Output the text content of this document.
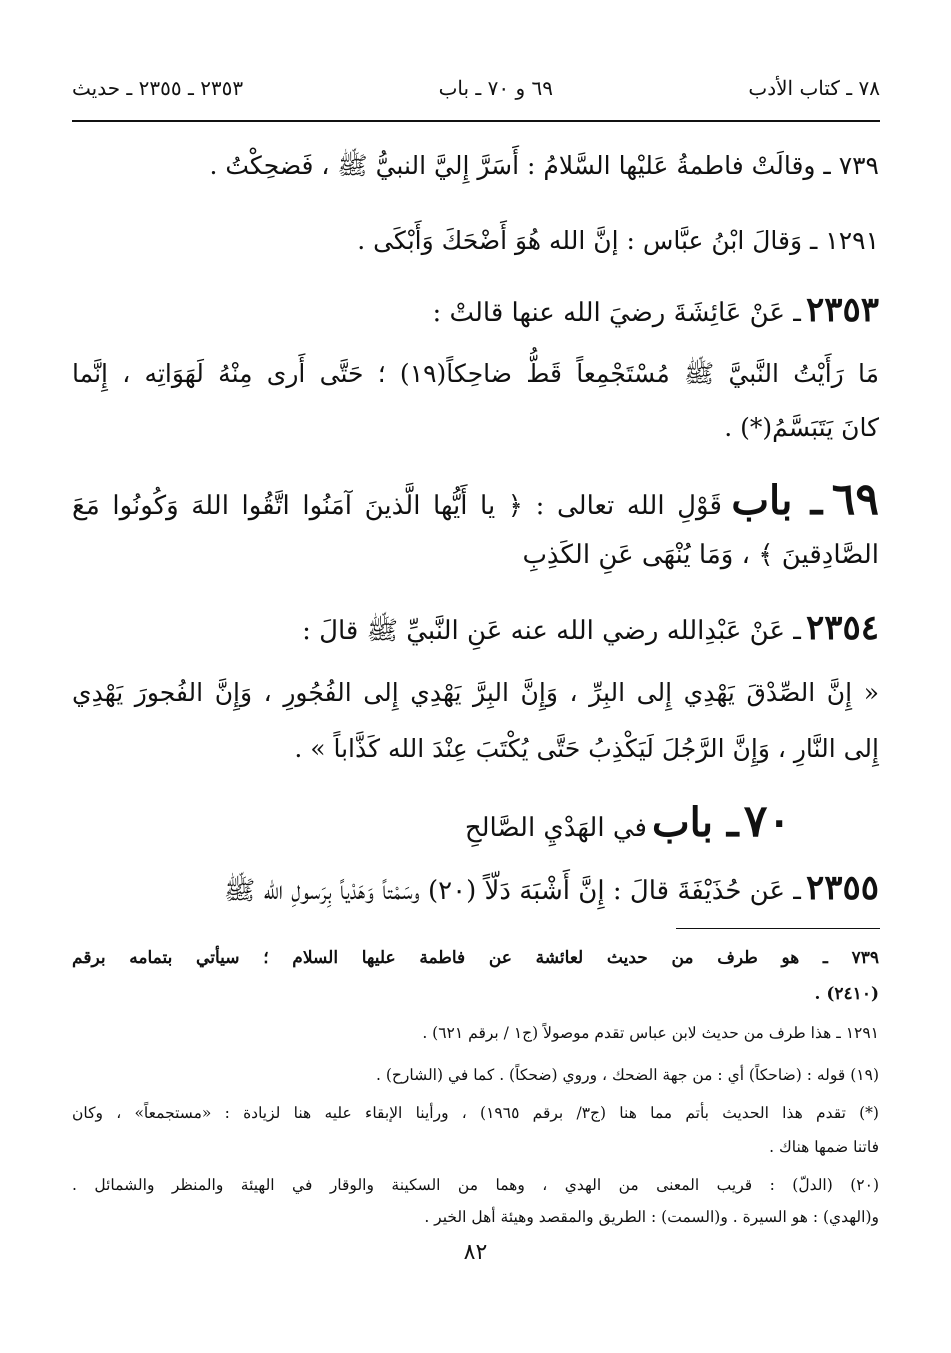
٧٨ ـ كتاب الأدب
٦٩ و ٧٠ ـ باب
٢٣٥٣ ـ ٢٣٥٥ ـ حديث
٧٣٩ ـ وقالَتْ فاطمةُ عَليْها السَّلامُ : أَسَرَّ إِليَّ النبيُّ ﷺ ، فَضحِكْتُ .
١٢٩١ ـ وَقالَ ابْنُ عبَّاس : إنَّ الله هُوَ أَضْحَكَ وَأَبْكَى .
٢٣٥٣ ـ عَنْ عَائِشَةَ رضيَ الله عنها قالتْ :
مَا رَأَيْتُ النَّبيَّ ﷺ مُسْتَجْمِعاً قَطُّ ضاحِكاً(١٩) ؛ حَتَّى أَرى مِنْهُ لَهَوَاتِه ، إِنَّما
كانَ يَتَبَسَّمُ(*) .
٦٩ ـ باب قَوْلِ الله تعالى : ﴿ يا أَيُّها الَّذينَ آمَنُوا اتَّقُوا اللهَ وَكُونُوا مَعَ
الصَّادِقينَ ﴾ ، وَمَا يُنْهَى عَنِ الكَذِبِ
٢٣٥٤ ـ عَنْ عَبْدِالله رضي الله عنه عَنِ النَّبيِّ ﷺ قالَ :
« إِنَّ الصِّدْقَ يَهْدِي إِلى البِرِّ ، وَإِنَّ البِرَّ يَهْدِي إِلى الفُجُورِ ، وَإِنَّ الفُجورَ يَهْدِي
إِلى النَّارِ ، وَإِنَّ الرَّجُلَ لَيَكْذِبُ حَتَّى يُكْتَبَ عِنْدَ الله كَذَّاباً » .
٧٠ ـ باب في الهَدْيِ الصَّالحِ
٢٣٥٥ ـ عَن حُذَيْفَةَ قالَ : إِنَّ أَشْبَهَ دَلّاً (٢٠) وسَمْتاً وَهَدْياً بِرَسولِ الله ﷺ
٧٣٩ ـ هو طرف من حديث لعائشة عن فاطمة عليها السلام ؛ سيأتي بتمامه برقم
(٢٤١٠) .
١٢٩١ ـ هذا طرف من حديث لابن عباس تقدم موصولاً (ج١ / برقم ٦٢١) .
(١٩) قوله : (ضاحكاً) أي : من جهة الضحك ، وروي (ضحكاً) . كما في (الشارح) .
(*) تقدم هذا الحديث بأتم مما هنا (ج٣/ برقم ١٩٦٥) ، ورأينا الإبقاء عليه هنا لزيادة : «مستجمعاً» ، وكان
فاتنا ضمها هناك .
(٢٠) (الدلّ) : قريب المعنى من الهدي ، وهما من السكينة والوقار في الهيئة والمنظر والشمائل .
و(الهدي) : هو السيرة . و(السمت) : الطريق والمقصد وهيئة أهل الخير .
٨٢
